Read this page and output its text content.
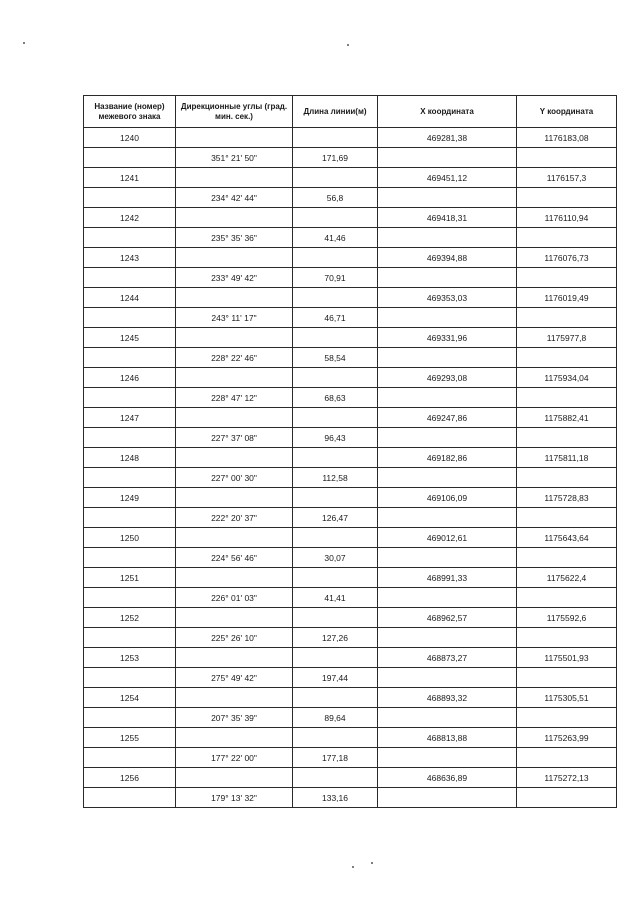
Название (номер) межевого знака	Дирекционные углы (град. мин. сек.)	Длина линии(м)	X координата	Y координата
1240			469281,38	1176183,08
	351° 21' 50"	171,69		
1241			469451,12	1176157,3
	234° 42' 44"	56,8		
1242			469418,31	1176110,94
	235° 35' 36"	41,46		
1243			469394,88	1176076,73
	233° 49' 42"	70,91		
1244			469353,03	1176019,49
	243° 11' 17"	46,71		
1245			469331,96	1175977,8
	228° 22' 46"	58,54		
1246			469293,08	1175934,04
	228° 47' 12"	68,63		
1247			469247,86	1175882,41
	227° 37' 08"	96,43		
1248			469182,86	1175811,18
	227° 00' 30"	112,58		
1249			469106,09	1175728,83
	222° 20' 37"	126,47		
1250			469012,61	1175643,64
	224° 56' 46"	30,07		
1251			468991,33	1175622,4
	226° 01' 03"	41,41		
1252			468962,57	1175592,6
	225° 26' 10"	127,26		
1253			468873,27	1175501,93
	275° 49' 42"	197,44		
1254			468893,32	1175305,51
	207° 35' 39"	89,64		
1255			468813,88	1175263,99
	177° 22' 00"	177,18		
1256			468636,89	1175272,13
	179° 13' 32"	133,16		
